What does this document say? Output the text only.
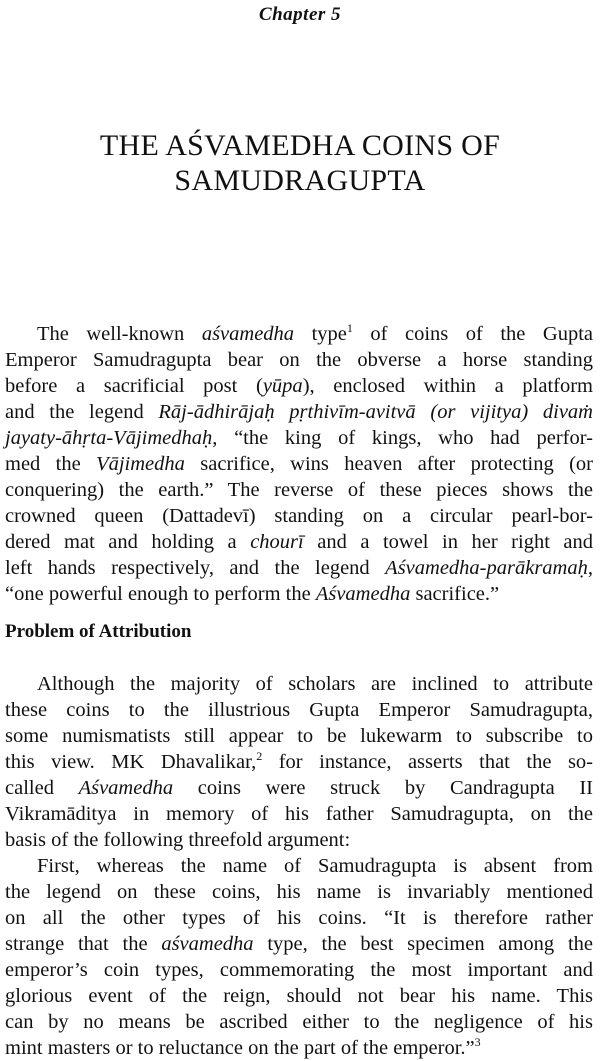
Chapter 5
THE AŚVAMEDHA COINS OF
SAMUDRAGUPTA
The well-known aśvamedha type$^1$ of coins of the Gupta
Emperor Samudragupta bear on the obverse a horse standing
before a sacrificial post (yūpa), enclosed within a platform
and the legend Rāj-ādhirājaḥ pṛthivīm-avitvā (or vijitya) divaṁ
jayaty-āhṛta-Vājimedhaḥ, “the king of kings, who had perfor-
med the Vājimedha sacrifice, wins heaven after protecting (or
conquering) the earth.” The reverse of these pieces shows the
crowned queen (Dattadevī) standing on a circular pearl-bor-
dered mat and holding a chourī and a towel in her right and
left hands respectively, and the legend Aśvamedha-parākramaḥ,
“one powerful enough to perform the Aśvamedha sacrifice.”
Problem of Attribution
Although the majority of scholars are inclined to attribute
these coins to the illustrious Gupta Emperor Samudragupta,
some numismatists still appear to be lukewarm to subscribe to
this view. MK Dhavalikar,$^2$ for instance, asserts that the so-
called Aśvamedha coins were struck by Candragupta II
Vikramāditya in memory of his father Samudragupta, on the
basis of the following threefold argument:
First, whereas the name of Samudragupta is absent from
the legend on these coins, his name is invariably mentioned
on all the other types of his coins. “It is therefore rather
strange that the aśvamedha type, the best specimen among the
emperor’s coin types, commemorating the most important and
glorious event of the reign, should not bear his name. This
can by no means be ascribed either to the negligence of his
mint masters or to reluctance on the part of the emperor.”$^3$
